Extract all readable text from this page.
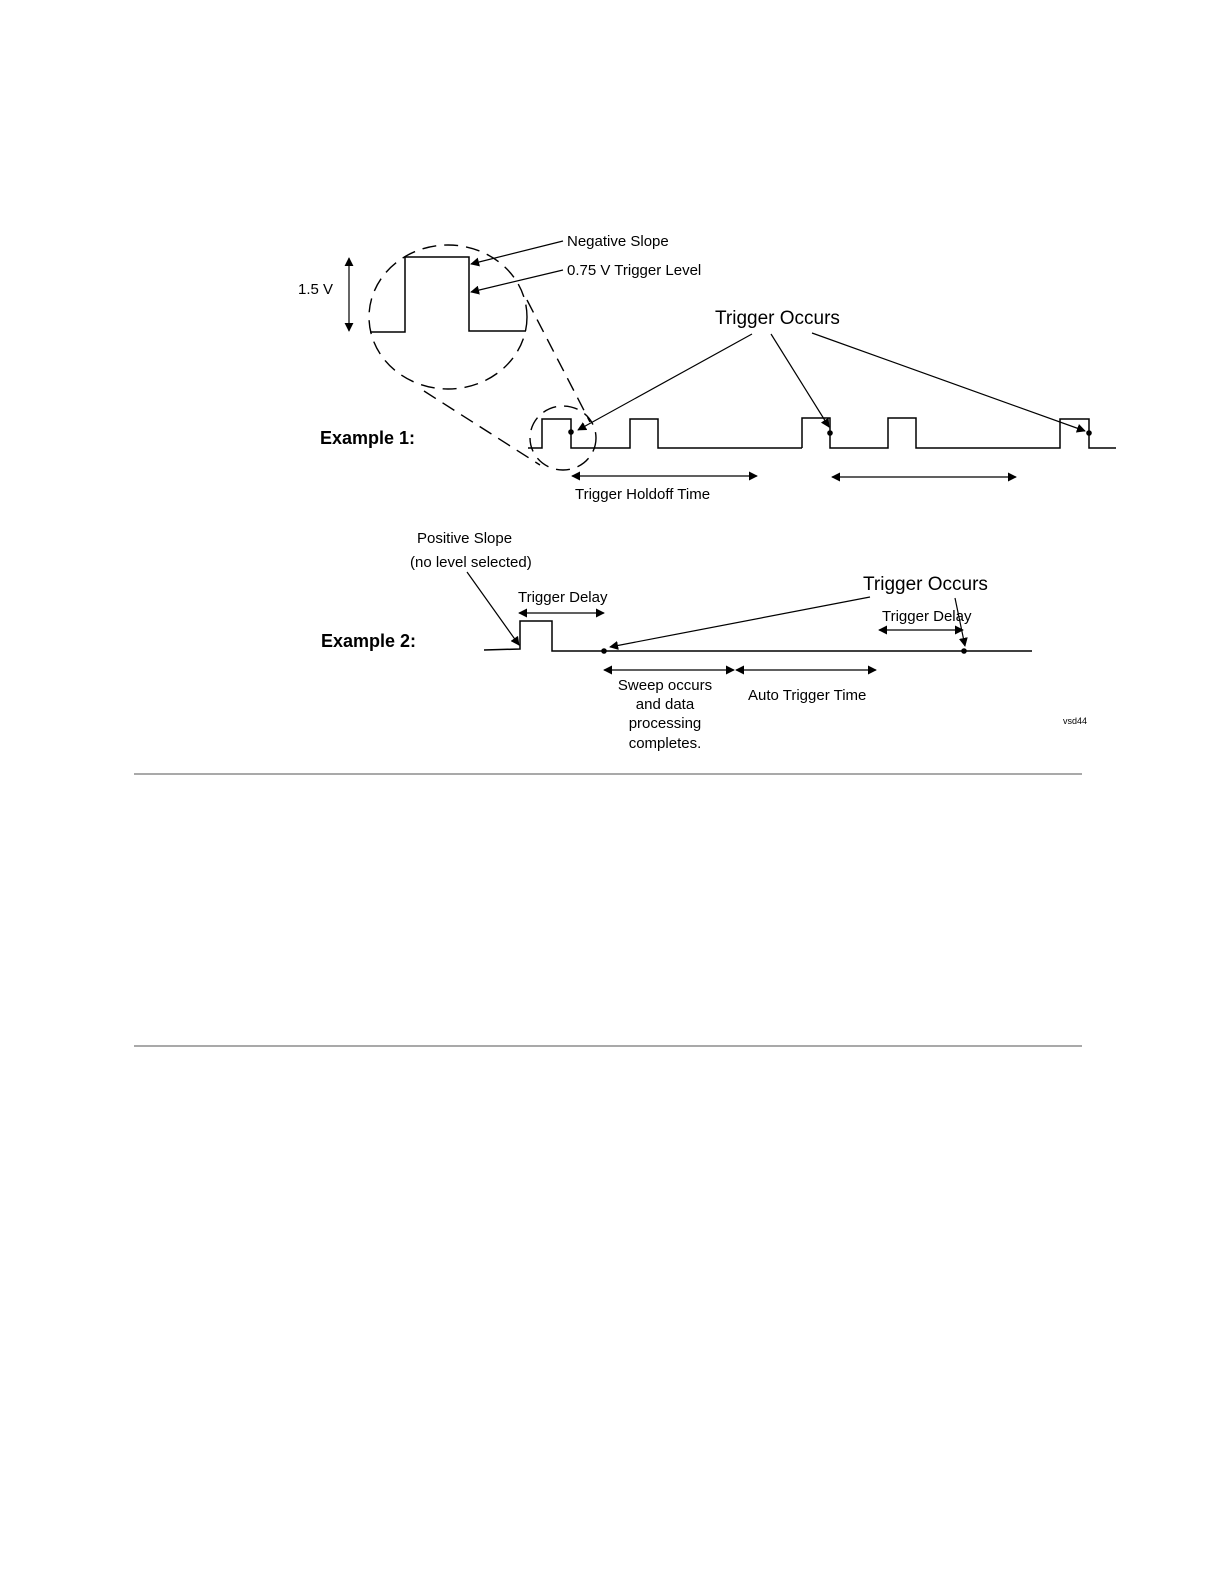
1.5 V
Negative Slope
0.75 V Trigger Level
Example 1:
Trigger Occurs
Trigger Holdoff Time
Positive Slope
(no level selected)
Trigger Delay
Example 2:
Trigger Occurs
Trigger Delay
Sweep occurs
and data
processing
completes.
Auto Trigger Time
vsd44
